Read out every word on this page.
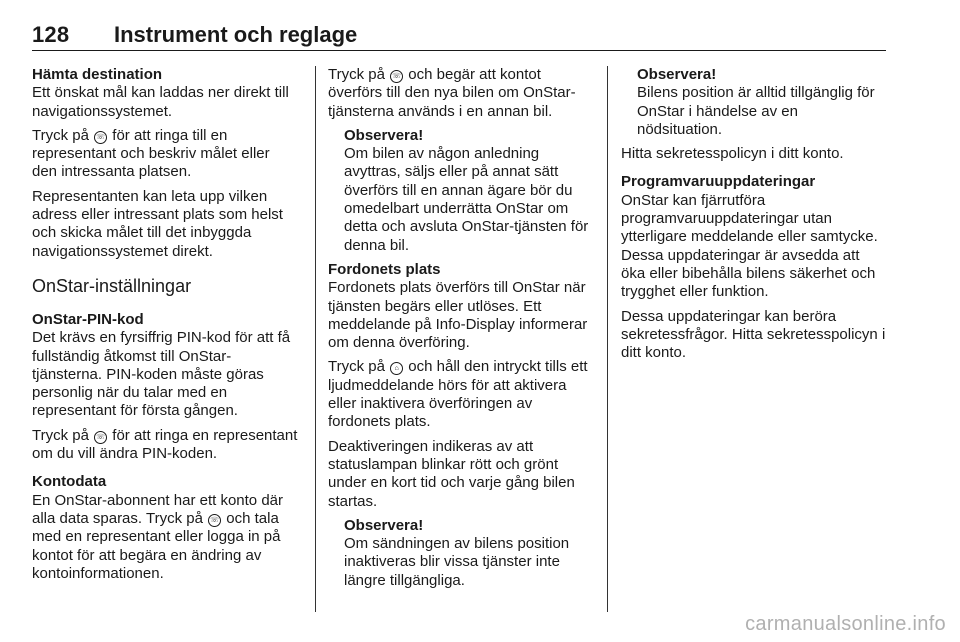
128 Instrument och reglage

Hämta destination

Ett önskat mål kan laddas ner direkt till navigationssystemet.

Tryck på ☏ för att ringa till en representant och beskriv målet eller den intressanta platsen.

Representanten kan leta upp vilken adress eller intressant plats som helst och skicka målet till det inbyggda navigationssystemet direkt.

OnStar-inställningar

OnStar-PIN-kod

Det krävs en fyrsiffrig PIN-kod för att få fullständig åtkomst till OnStar-tjänsterna. PIN-koden måste göras personlig när du talar med en representant för första gången.

Tryck på ☏ för att ringa en representant om du vill ändra PIN-koden.

Kontodata

En OnStar-abonnent har ett konto där alla data sparas. Tryck på ☏ och tala med en representant eller logga in på kontot för att begära en ändring av kontoinformationen.

Tryck på ☏ och begär att kontot överförs till den nya bilen om OnStar-tjänsterna används i en annan bil.

Observera!

Om bilen av någon anledning avyttras, säljs eller på annat sätt överförs till en annan ägare bör du omedelbart underrätta OnStar om detta och avsluta OnStar-tjänsten för denna bil.

Fordonets plats

Fordonets plats överförs till OnStar när tjänsten begärs eller utlöses. Ett meddelande på Info-Display informerar om denna överföring.

Tryck på ⌂ och håll den intryckt tills ett ljudmeddelande hörs för att aktivera eller inaktivera överföringen av fordonets plats.

Deaktiveringen indikeras av att statuslampan blinkar rött och grönt under en kort tid och varje gång bilen startas.

Observera!

Om sändningen av bilens position inaktiveras blir vissa tjänster inte längre tillgängliga.

Observera!

Bilens position är alltid tillgänglig för OnStar i händelse av en nödsituation.

Hitta sekretesspolicyn i ditt konto.

Programvaruuppdateringar

OnStar kan fjärrutföra programvaruuppdateringar utan ytterligare meddelande eller samtycke. Dessa uppdateringar är avsedda att öka eller bibehålla bilens säkerhet och trygghet eller funktion.

Dessa uppdateringar kan beröra sekretessfrågor. Hitta sekretesspolicyn i ditt konto.

carmanualsonline.info
